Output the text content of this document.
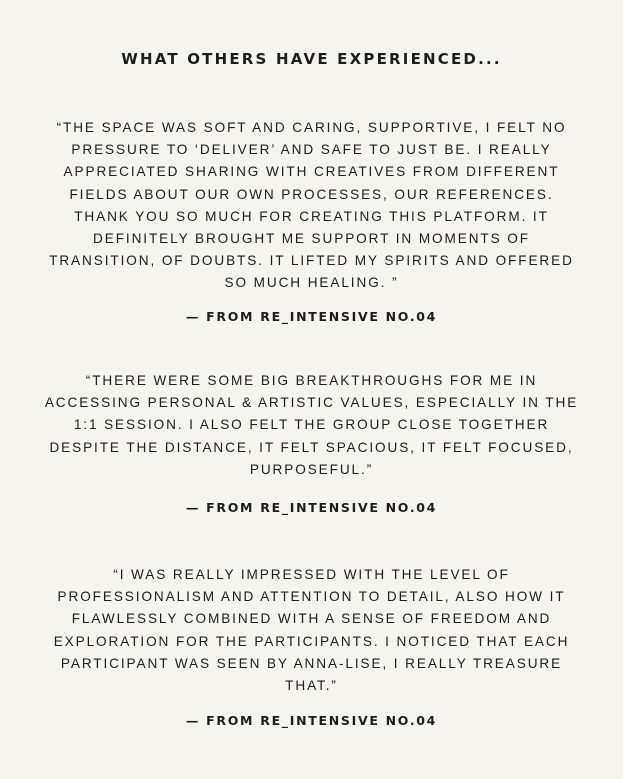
WHAT OTHERS HAVE EXPERIENCED...

“THE SPACE WAS SOFT AND CARING, SUPPORTIVE, I FELT NO PRESSURE TO ‘DELIVER’ AND SAFE TO JUST BE. I REALLY APPRECIATED SHARING WITH CREATIVES FROM DIFFERENT FIELDS ABOUT OUR OWN PROCESSES, OUR REFERENCES. THANK YOU SO MUCH FOR CREATING THIS PLATFORM. IT DEFINITELY BROUGHT ME SUPPORT IN MOMENTS OF TRANSITION, OF DOUBTS. IT LIFTED MY SPIRITS AND OFFERED SO MUCH HEALING. ”

— FROM RE_INTENSIVE NO.04

“THERE WERE SOME BIG BREAKTHROUGHS FOR ME IN ACCESSING PERSONAL & ARTISTIC VALUES, ESPECIALLY IN THE 1:1 SESSION. I ALSO FELT THE GROUP CLOSE TOGETHER DESPITE THE DISTANCE, IT FELT SPACIOUS, IT FELT FOCUSED, PURPOSEFUL.”

— FROM RE_INTENSIVE NO.04

“I WAS REALLY IMPRESSED WITH THE LEVEL OF PROFESSIONALISM AND ATTENTION TO DETAIL, ALSO HOW IT FLAWLESSLY COMBINED WITH A SENSE OF FREEDOM AND EXPLORATION FOR THE PARTICIPANTS. I NOTICED THAT EACH PARTICIPANT WAS SEEN BY ANNA-LISE, I REALLY TREASURE THAT.”

— FROM RE_INTENSIVE NO.04
